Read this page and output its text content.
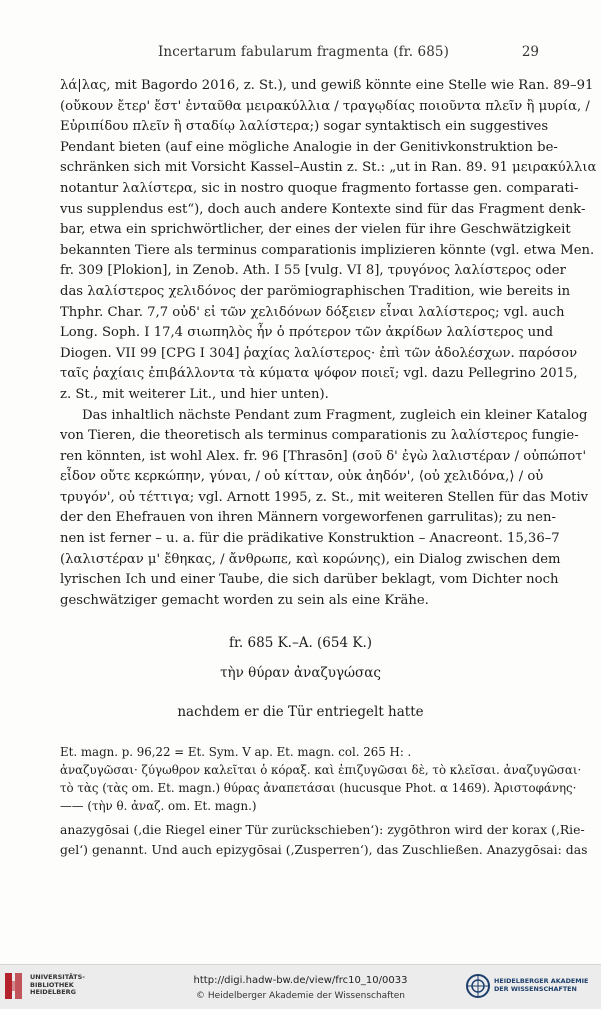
Incertarum fabularum fragmenta (fr. 685)	29
λά|λας, mit Bagordo 2016, z. St.), und gewiß könnte eine Stelle wie Ran. 89–91
(οὔκουν ἔτερ' ἔστ' ἐνταῦθα μειρακύλλια / τραγῳδίας ποιοῦντα πλεῖν ἢ μυρία, /
Εὐριπίδου πλεῖν ἢ σταδίῳ λαλίστερα;) sogar syntaktisch ein suggestives
Pendant bieten (auf eine mögliche Analogie in der Genitivkonstruktion be-
schränken sich mit Vorsicht Kassel–Austin z. St.: „ut in Ran. 89. 91 μειρακύλλια
notantur λαλίστερα, sic in nostro quoque fragmento fortasse gen. comparati-
vus supplendus est“), doch auch andere Kontexte sind für das Fragment denk-
bar, etwa ein sprichwörtlicher, der eines der vielen für ihre Geschwätzigkeit
bekannten Tiere als terminus comparationis implizieren könnte (vgl. etwa Men.
fr. 309 [Plokion], in Zenob. Ath. I 55 [vulg. VI 8], τρυγόνος λαλίστερος oder
das λαλίστερος χελιδόνος der parömiographischen Tradition, wie bereits in
Thphr. Char. 7,7 οὐδ' εἰ τῶν χελιδόνων δόξειεν εἶναι λαλίστερος; vgl. auch
Long. Soph. I 17,4 σιωπηλὸς ἦν ὁ πρότερον τῶν ἀκρίδων λαλίστερος und
Diogen. VII 99 [CPG I 304] ῥαχίας λαλίστερος· ἐπὶ τῶν ἀδολέσχων. παρόσον
ταῖς ῥαχίαις ἐπιβάλλοντα τὰ κύματα ψόφον ποιεῖ; vgl. dazu Pellegrino 2015,
z. St., mit weiterer Lit., und hier unten).
Das inhaltlich nächste Pendant zum Fragment, zugleich ein kleiner Katalog
von Tieren, die theoretisch als terminus comparationis zu λαλίστερος fungie-
ren könnten, ist wohl Alex. fr. 96 [Thrasōn] (σοῦ δ' ἐγὼ λαλιστέραν / οὐπώποτ'
εἶδον οὔτε κερκώπην, γύναι, / οὐ κίτταν, οὐκ ἀηδόν', ⟨οὐ χελιδόνα,⟩ / οὐ
τρυγόν', οὐ τέττιγα; vgl. Arnott 1995, z. St., mit weiteren Stellen für das Motiv
der den Ehefrauen von ihren Männern vorgeworfenen garrulitas); zu nen-
nen ist ferner – u. a. für die prädikative Konstruktion – Anacreont. 15,36–7
(λαλιστέραν μ' ἔθηκας, / ἄνθρωπε, καὶ κορώνης), ein Dialog zwischen dem
lyrischen Ich und einer Taube, die sich darüber beklagt, vom Dichter noch
geschwätziger gemacht worden zu sein als eine Krähe.
fr. 685 K.–A. (654 K.)
τὴν θύραν ἀναζυγώσας
nachdem er die Tür entriegelt hatte
Et. magn. p. 96,22 = Et. Sym. V ap. Et. magn. col. 265 H: .
ἀναζυγῶσαι· ζύγωθρον καλεῖται ὁ κόραξ. καὶ ἐπιζυγῶσαι δὲ, τὸ κλεῖσαι. ἀναζυγῶσαι·
τὸ τὰς (τὰς om. Et. magn.) θύρας ἀναπετάσαι (hucusque Phot. α 1469). Ἀριστοφάνης·
—— (τὴν θ. ἀναζ. om. Et. magn.)
anazygōsai (‚die Riegel einer Tür zurückschieben‘): zygōthron wird der korax (‚Rie-
gel‘) genannt. Und auch epizygōsai (‚Zusperren‘), das Zuschließen. Anazygōsai: das
UNIVERSITÄTS-
BIBLIOTHEK
HEIDELBERG
http://digi.hadw-bw.de/view/frc10_10/0033
© Heidelberger Akademie der Wissenschaften
HEIDELBERGER AKADEMIE
DER WISSENSCHAFTEN
